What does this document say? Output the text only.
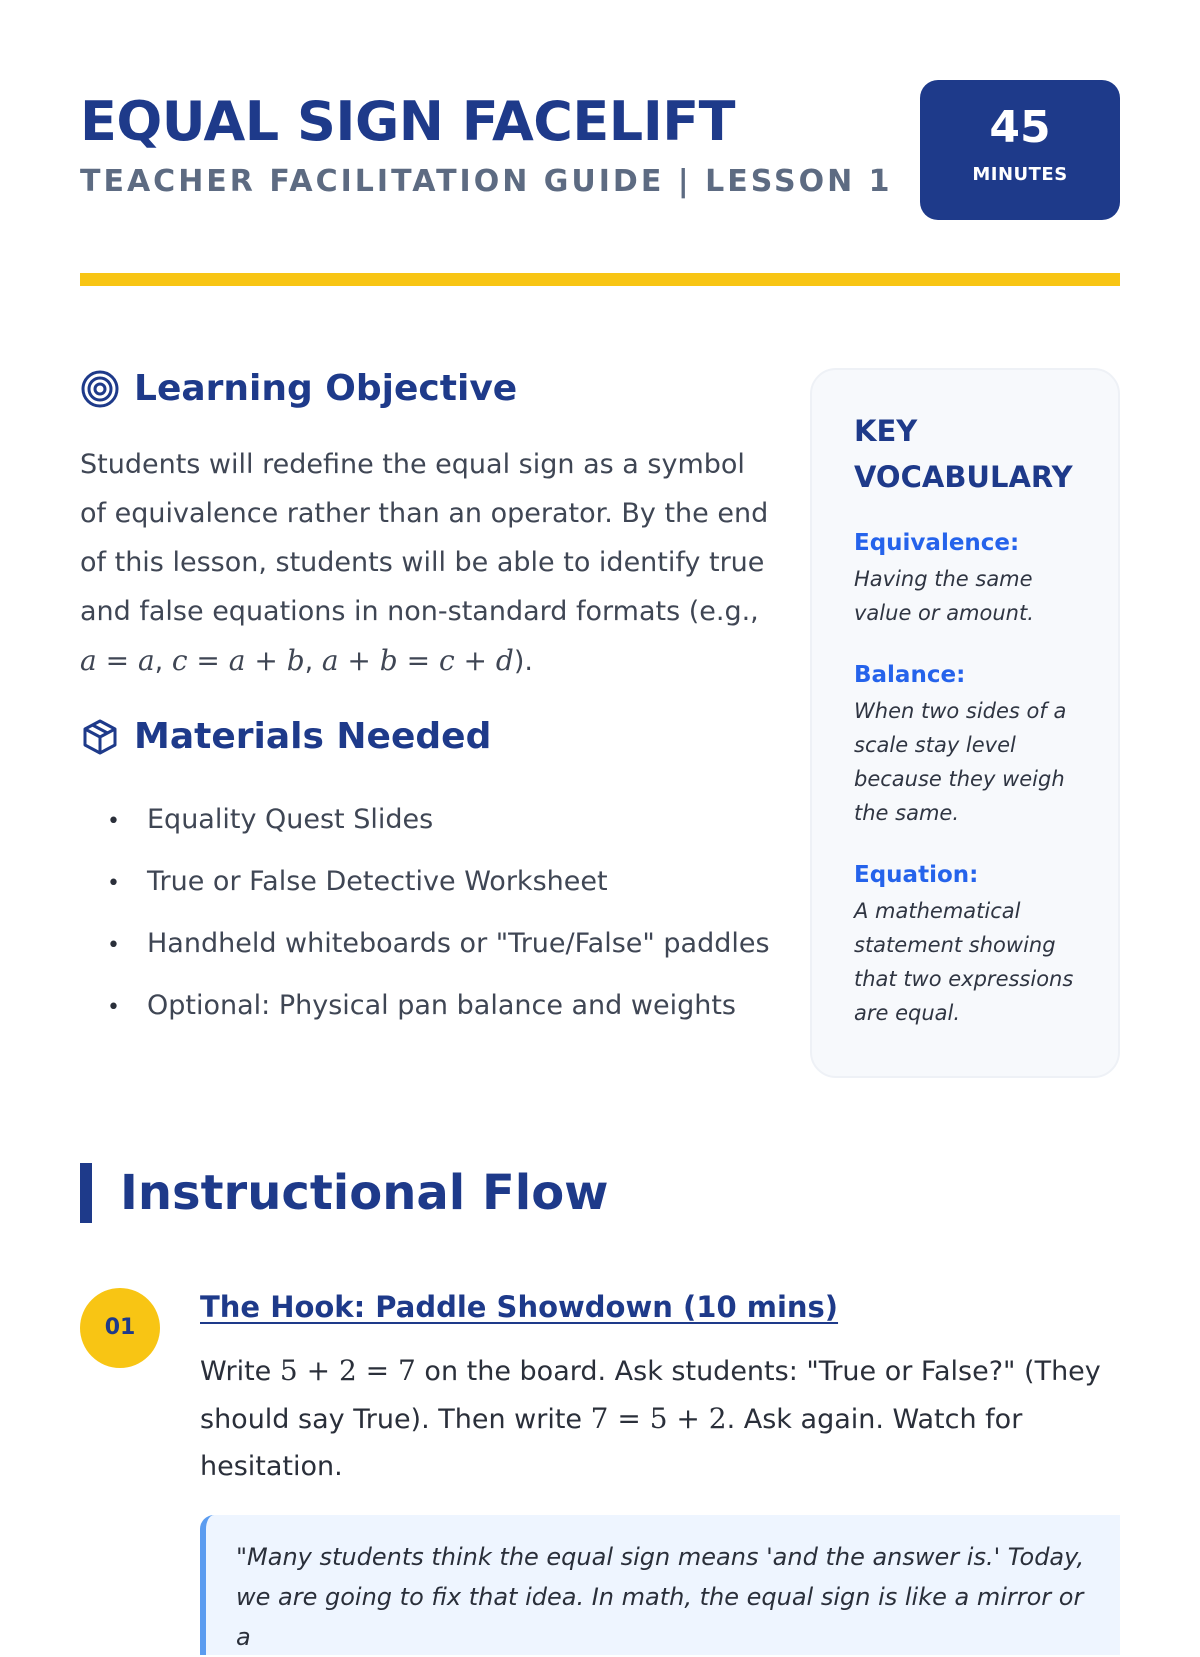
EQUAL SIGN FACELIFT
TEACHER FACILITATION GUIDE | LESSON 1
45
MINUTES
Learning Objective
Students will redefine the equal sign as a symbol of equivalence rather than an operator. By the end of this lesson, students will be able to identify true and false equations in non-standard formats (e.g., a = a, c = a + b, a + b = c + d).
Materials Needed
• Equality Quest Slides
• True or False Detective Worksheet
• Handheld whiteboards or "True/False" paddles
• Optional: Physical pan balance and weights
KEY VOCABULARY
Equivalence:
Having the same value or amount.
Balance:
When two sides of a scale stay level because they weigh the same.
Equation:
A mathematical statement showing that two expressions are equal.
Instructional Flow
01
The Hook: Paddle Showdown (10 mins)
Write 5 + 2 = 7 on the board. Ask students: "True or False?" (They should say True). Then write 7 = 5 + 2. Ask again. Watch for hesitation.
"Many students think the equal sign means 'and the answer is.' Today, we are going to fix that idea. In math, the equal sign is like a mirror or a
